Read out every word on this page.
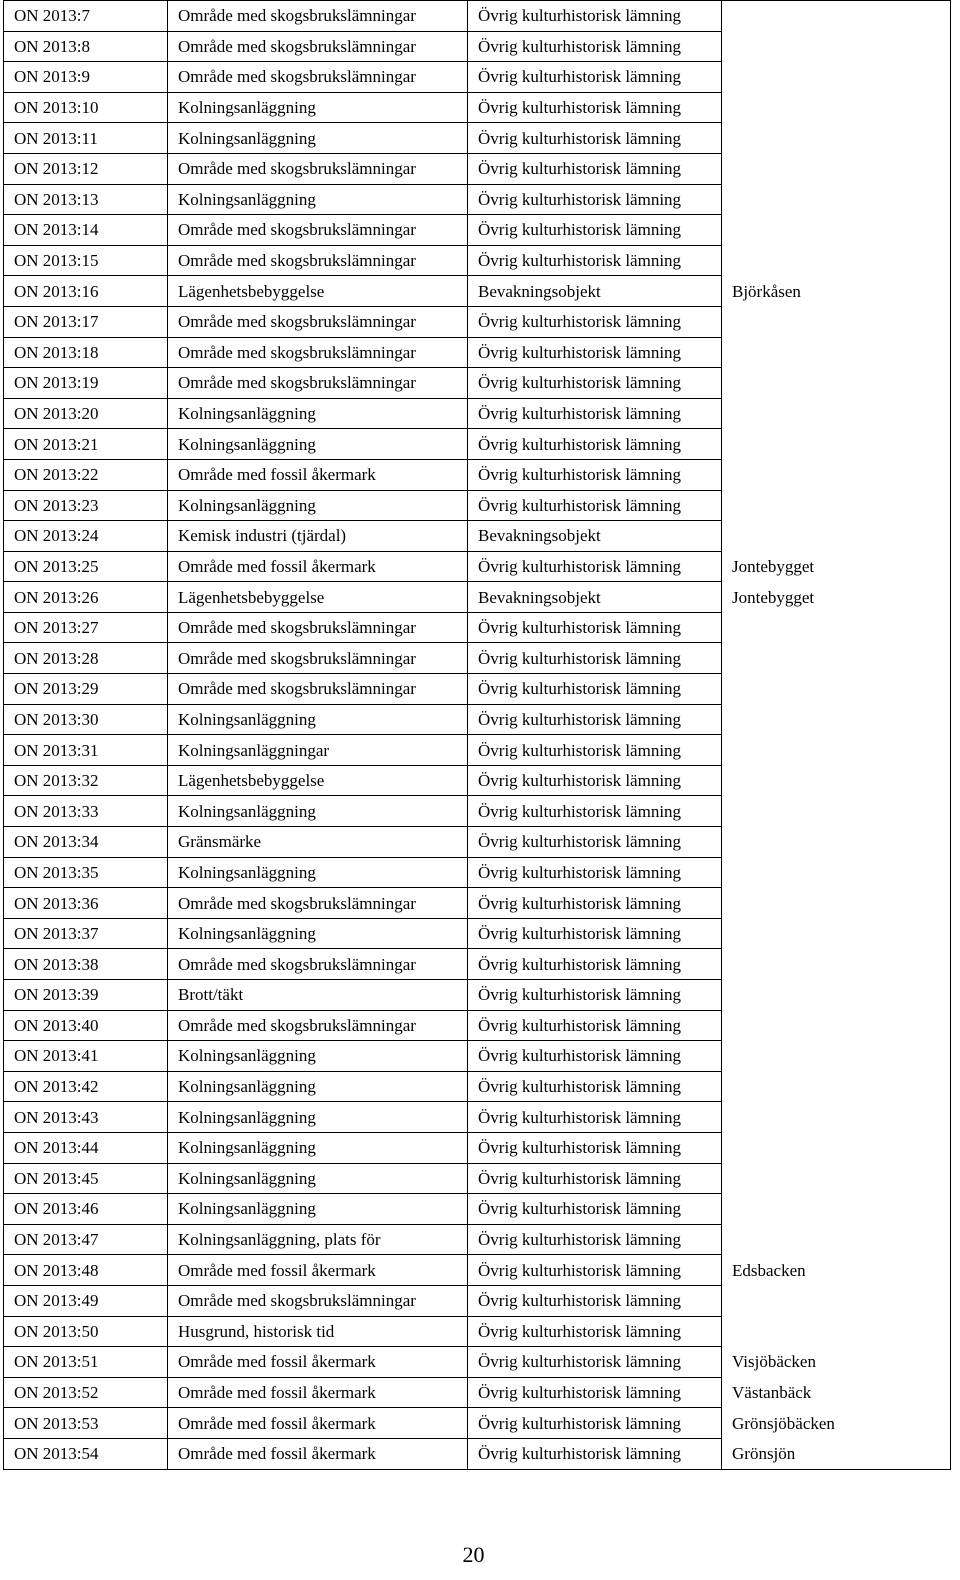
ON 2013:7	Område med skogsbrukslämningar	Övrig kulturhistorisk lämning	
ON 2013:8	Område med skogsbrukslämningar	Övrig kulturhistorisk lämning	
ON 2013:9	Område med skogsbrukslämningar	Övrig kulturhistorisk lämning	
ON 2013:10	Kolningsanläggning	Övrig kulturhistorisk lämning	
ON 2013:11	Kolningsanläggning	Övrig kulturhistorisk lämning	
ON 2013:12	Område med skogsbrukslämningar	Övrig kulturhistorisk lämning	
ON 2013:13	Kolningsanläggning	Övrig kulturhistorisk lämning	
ON 2013:14	Område med skogsbrukslämningar	Övrig kulturhistorisk lämning	
ON 2013:15	Område med skogsbrukslämningar	Övrig kulturhistorisk lämning	
ON 2013:16	Lägenhetsbebyggelse	Bevakningsobjekt	Björkåsen
ON 2013:17	Område med skogsbrukslämningar	Övrig kulturhistorisk lämning	
ON 2013:18	Område med skogsbrukslämningar	Övrig kulturhistorisk lämning	
ON 2013:19	Område med skogsbrukslämningar	Övrig kulturhistorisk lämning	
ON 2013:20	Kolningsanläggning	Övrig kulturhistorisk lämning	
ON 2013:21	Kolningsanläggning	Övrig kulturhistorisk lämning	
ON 2013:22	Område med fossil åkermark	Övrig kulturhistorisk lämning	
ON 2013:23	Kolningsanläggning	Övrig kulturhistorisk lämning	
ON 2013:24	Kemisk industri (tjärdal)	Bevakningsobjekt	
ON 2013:25	Område med fossil åkermark	Övrig kulturhistorisk lämning	Jontebygget
ON 2013:26	Lägenhetsbebyggelse	Bevakningsobjekt	Jontebygget
ON 2013:27	Område med skogsbrukslämningar	Övrig kulturhistorisk lämning	
ON 2013:28	Område med skogsbrukslämningar	Övrig kulturhistorisk lämning	
ON 2013:29	Område med skogsbrukslämningar	Övrig kulturhistorisk lämning	
ON 2013:30	Kolningsanläggning	Övrig kulturhistorisk lämning	
ON 2013:31	Kolningsanläggningar	Övrig kulturhistorisk lämning	
ON 2013:32	Lägenhetsbebyggelse	Övrig kulturhistorisk lämning	
ON 2013:33	Kolningsanläggning	Övrig kulturhistorisk lämning	
ON 2013:34	Gränsmärke	Övrig kulturhistorisk lämning	
ON 2013:35	Kolningsanläggning	Övrig kulturhistorisk lämning	
ON 2013:36	Område med skogsbrukslämningar	Övrig kulturhistorisk lämning	
ON 2013:37	Kolningsanläggning	Övrig kulturhistorisk lämning	
ON 2013:38	Område med skogsbrukslämningar	Övrig kulturhistorisk lämning	
ON 2013:39	Brott/täkt	Övrig kulturhistorisk lämning	
ON 2013:40	Område med skogsbrukslämningar	Övrig kulturhistorisk lämning	
ON 2013:41	Kolningsanläggning	Övrig kulturhistorisk lämning	
ON 2013:42	Kolningsanläggning	Övrig kulturhistorisk lämning	
ON 2013:43	Kolningsanläggning	Övrig kulturhistorisk lämning	
ON 2013:44	Kolningsanläggning	Övrig kulturhistorisk lämning	
ON 2013:45	Kolningsanläggning	Övrig kulturhistorisk lämning	
ON 2013:46	Kolningsanläggning	Övrig kulturhistorisk lämning	
ON 2013:47	Kolningsanläggning, plats för	Övrig kulturhistorisk lämning	
ON 2013:48	Område med fossil åkermark	Övrig kulturhistorisk lämning	Edsbacken
ON 2013:49	Område med skogsbrukslämningar	Övrig kulturhistorisk lämning	
ON 2013:50	Husgrund, historisk tid	Övrig kulturhistorisk lämning	
ON 2013:51	Område med fossil åkermark	Övrig kulturhistorisk lämning	Visjöbäcken
ON 2013:52	Område med fossil åkermark	Övrig kulturhistorisk lämning	Västanbäck
ON 2013:53	Område med fossil åkermark	Övrig kulturhistorisk lämning	Grönsjöbäcken
ON 2013:54	Område med fossil åkermark	Övrig kulturhistorisk lämning	Grönsjön
20
